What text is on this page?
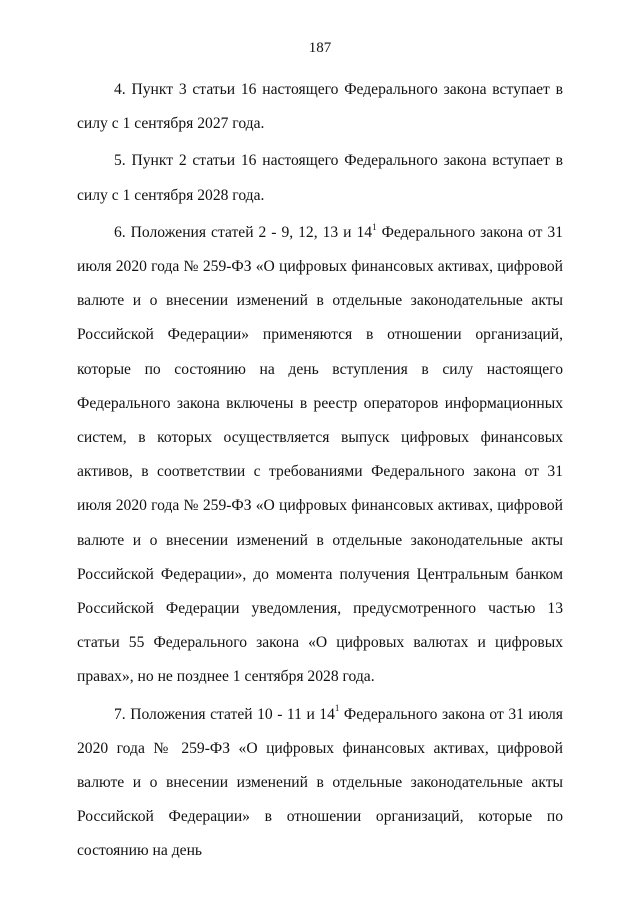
187

4. Пункт 3 статьи 16 настоящего Федерального закона вступает в силу с 1 сентября 2027 года.

5. Пункт 2 статьи 16 настоящего Федерального закона вступает в силу с 1 сентября 2028 года.

6. Положения статей 2 - 9, 12, 13 и $14^1$ Федерального закона от 31 июля 2020 года № 259-ФЗ «О цифровых финансовых активах, цифровой валюте и о внесении изменений в отдельные законодательные акты Российской Федерации» применяются в отношении организаций, которые по состоянию на день вступления в силу настоящего Федерального закона включены в реестр операторов информационных систем, в которых осуществляется выпуск цифровых финансовых активов, в соответствии с требованиями Федерального закона от 31 июля 2020 года № 259-ФЗ «О цифровых финансовых активах, цифровой валюте и о внесении изменений в отдельные законодательные акты Российской Федерации», до момента получения Центральным банком Российской Федерации уведомления, предусмотренного частью 13 статьи 55 Федерального закона «О цифровых валютах и цифровых правах», но не позднее 1 сентября 2028 года.

7. Положения статей 10 - 11 и $14^1$ Федерального закона от 31 июля 2020 года № 259-ФЗ «О цифровых финансовых активах, цифровой валюте и о внесении изменений в отдельные законодательные акты Российской Федерации» в отношении организаций, которые по состоянию на день
